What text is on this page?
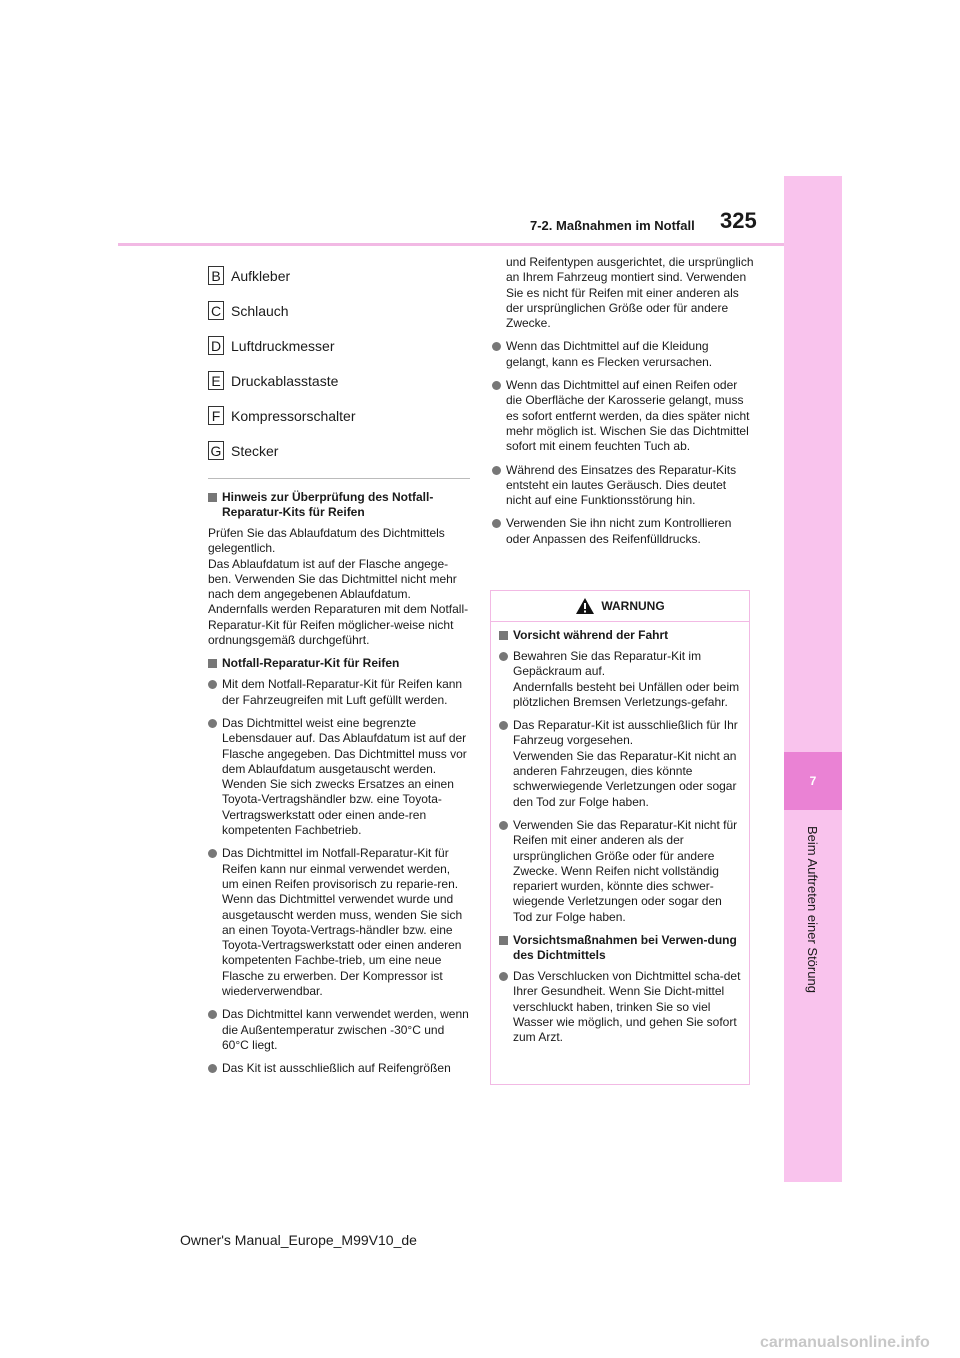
7
Beim Auftreten einer Störung
7-2. Maßnahmen im Notfall 325
B Aufkleber
C Schlauch
D Luftdruckmesser
E Druckablasstaste
F Kompressorschalter
G Stecker
Hinweis zur Überprüfung des Notfall-Reparatur-Kits für Reifen

Prüfen Sie das Ablaufdatum des Dichtmittels gelegentlich.
Das Ablaufdatum ist auf der Flasche angege-ben. Verwenden Sie das Dichtmittel nicht mehr nach dem angegebenen Ablaufdatum. Andernfalls werden Reparaturen mit dem Notfall-Reparatur-Kit für Reifen möglicher-weise nicht ordnungsgemäß durchgeführt.

Notfall-Reparatur-Kit für Reifen
Mit dem Notfall-Reparatur-Kit für Reifen kann der Fahrzeugreifen mit Luft gefüllt werden.
Das Dichtmittel weist eine begrenzte Lebensdauer auf. Das Ablaufdatum ist auf der Flasche angegeben. Das Dichtmittel muss vor dem Ablaufdatum ausgetauscht werden. Wenden Sie sich zwecks Ersatzes an einen Toyota-Vertragshändler bzw. eine Toyota-Vertragswerkstatt oder einen ande-ren kompetenten Fachbetrieb.
Das Dichtmittel im Notfall-Reparatur-Kit für Reifen kann nur einmal verwendet werden, um einen Reifen provisorisch zu reparie-ren. Wenn das Dichtmittel verwendet wurde und ausgetauscht werden muss, wenden Sie sich an einen Toyota-Vertrags-händler bzw. eine Toyota-Vertragswerkstatt oder einen anderen kompetenten Fachbe-trieb, um eine neue Flasche zu erwerben. Der Kompressor ist wiederverwendbar.
Das Dichtmittel kann verwendet werden, wenn die Außentemperatur zwischen -30°C und 60°C liegt.
Das Kit ist ausschließlich auf Reifengrößen

und Reifentypen ausgerichtet, die ursprünglich an Ihrem Fahrzeug montiert sind. Verwenden Sie es nicht für Reifen mit einer anderen als der ursprünglichen Größe oder für andere Zwecke.

Wenn das Dichtmittel auf die Kleidung gelangt, kann es Flecken verursachen.
Wenn das Dichtmittel auf einen Reifen oder die Oberfläche der Karosserie gelangt, muss es sofort entfernt werden, da dies später nicht mehr möglich ist. Wischen Sie das Dichtmittel sofort mit einem feuchten Tuch ab.
Während des Einsatzes des Reparatur-Kits entsteht ein lautes Geräusch. Dies deutet nicht auf eine Funktionsstörung hin.
Verwenden Sie ihn nicht zum Kontrollieren oder Anpassen des Reifenfülldrucks.
WARNUNG
Vorsicht während der Fahrt
Bewahren Sie das Reparatur-Kit im Gepäckraum auf.
Andernfalls besteht bei Unfällen oder beim plötzlichen Bremsen Verletzungs-gefahr.
Das Reparatur-Kit ist ausschließlich für Ihr Fahrzeug vorgesehen.
Verwenden Sie das Reparatur-Kit nicht an anderen Fahrzeugen, dies könnte schwerwiegende Verletzungen oder sogar den Tod zur Folge haben.
Verwenden Sie das Reparatur-Kit nicht für Reifen mit einer anderen als der ursprünglichen Größe oder für andere Zwecke. Wenn Reifen nicht vollständig repariert wurden, könnte dies schwer-wiegende Verletzungen oder sogar den Tod zur Folge haben.
Vorsichtsmaßnahmen bei Verwen-dung des Dichtmittels
Das Verschlucken von Dichtmittel scha-det Ihrer Gesundheit. Wenn Sie Dicht-mittel verschluckt haben, trinken Sie so viel Wasser wie möglich, und gehen Sie sofort zum Arzt.
Owner's Manual_Europe_M99V10_de
carmanualsonline.info
